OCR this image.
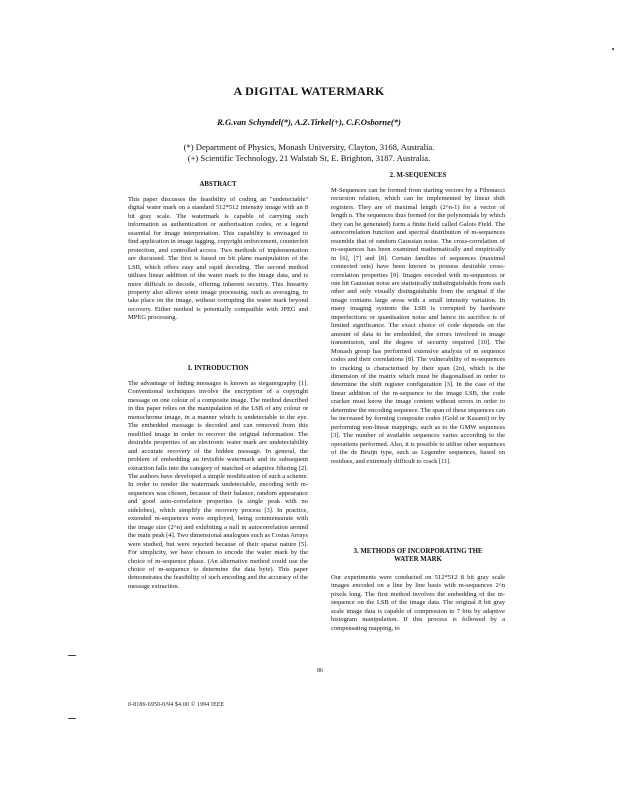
A DIGITAL WATERMARK
R.G.van Schyndel(*), A.Z.Tirkel(+), C.F.Osborne(*)
(*) Department of Physics, Monash University, Clayton, 3168, Australia.
(+) Scientific Technology, 21 Walstab St, E. Brighton, 3187. Australia.
ABSTRACT

This paper discusses the feasibility of coding an "undetectable" digital water mark on a standard 512*512 intensity image with an 8 bit gray scale. The watermark is capable of carrying such information as authentication or authorisation codes, or a legend essential for image interpretation. This capability is envisaged to find application in image tagging, copyright enforcement, counterfeit protection, and controlled access. Two methods of implementation are discussed. The first is based on bit plane manipulation of the LSB, which offers easy and rapid decoding. The second method utilises linear addition of the water mark to the image data, and is more difficult to decode, offering inherent security. This linearity property also allows some image processing, such as averaging, to take place on the image, without corrupting the water mark beyond recovery. Either method is potentially compatible with JPEG and MPEG processing.

1. INTRODUCTION

The advantage of hiding messages is known as steganography [1]. Conventional techniques involve the encryption of a copyright message on one colour of a composite image. The method described in this paper relies on the manipulation of the LSB of any colour or monochrome image, in a manner which is undetectable to the eye. The embedded message is decoded and can removed from this modified image in order to recover the original information. The desirable properties of an electronic water mark are undetectability and accurate recovery of the hidden message. In general, the problem of embedding an invisible watermark and its subsequent extraction falls into the category of matched or adaptive filtering [2]. The authors have developed a simple modification of such a scheme. In order to render the watermark undetectable, encoding with m-sequences was chosen, because of their balance, random appearance and good auto-correlation properties (a single peak with no sidelobes), which simplify the recovery process [3]. In practice, extended m-sequences were employed, being commensurate with the image size (2^n) and exhibiting a null in autocorrelation around the main peak [4]. Two dimensional analogues such as Costas Arrays were studied, but were rejected because of their sparse nature [5]. For simplicity, we have chosen to encode the water mark by the choice of m-sequence phase. (An alternative method could use the choice of m-sequence to determine the data byte). This paper demonstrates the feasibility of such encoding and the accuracy of the message extraction.

2. M-SEQUENCES

M-Sequences can be formed from starting vectors by a Fibonacci recursion relation, which can be implemented by linear shift registers. They are of maximal length (2^n-1) for a vector of length n. The sequences thus formed (or the polynomials by which they can be generated) form a finite field called Galois Field. The autocorrelation function and spectral distribution of m-sequences resemble that of random Gaussian noise. The cross-correlation of m-sequences has been examined mathematically and empirically in [6], [7] and [8]. Certain families of sequences (maximal connected sets) have been known to possess desirable cross-correlation properties [9]. Images encoded with m-sequences or one bit Gaussian noise are statistically indistinguishable from each other and only visually distinguishable from the original if the image contains large areas with a small intensity variation. In many imaging systems the LSB is corrupted by hardware imperfections or quantisation noise and hence its sacrifice is of limited significance. The exact choice of code depends on the amount of data to be embedded, the errors involved in image transmission, and the degree of security required [10]. The Monash group has performed extensive analysis of m sequence codes and their correlations [8]. The vulnerability of m-sequences to cracking is characterised by their span (2n), which is the dimension of the matrix which must be diagonalised in order to determine the shift register configuration [3]. In the case of the linear addition of the m-sequence to the image LSB, the code cracker must know the image content without errors in order to determine the encoding sequence. The span of these sequences can be increased by forming composite codes (Gold or Kasami) or by performing non-linear mappings, such as to the GMW sequences [3]. The number of available sequences varies according to the operations performed. Also, it is possible to utilise other sequences of the de Bruijn type, such as Legendre sequences, based on residues, and extremely difficult to crack [11].

3. METHODS OF INCORPORATING THE
WATER MARK

Our experiments were conducted on 512*512 8 bit gray scale images encoded on a line by line basis with m-sequences 2^n pixels long. The first method involves the embedding of the m-sequence on the LSB of the image data. The original 8 bit gray scale image data is capable of compression to 7 bits by adaptive histogram manipulation. If this process is followed by a compensating mapping, to

86
0-8186-6950-0/94 $4.00 © 1994 IEEE
